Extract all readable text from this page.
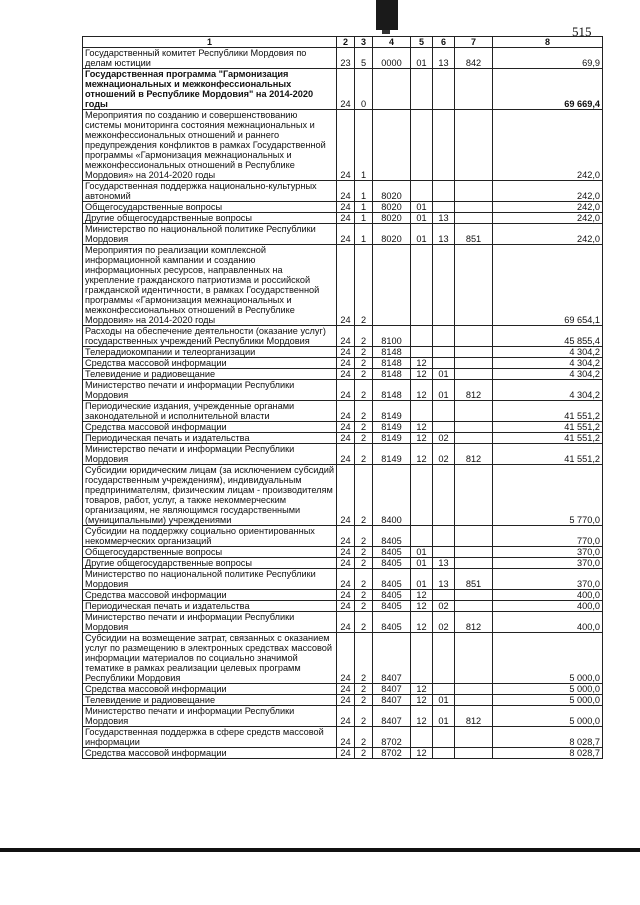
515
1	2	3	4	5	6	7	8
Государственный комитет Республики Мордовия по делам юстиции	23	5	0000	01	13	842	69,9
Государственная программа "Гармонизация межнациональных и межконфессиональных отношений в Республике Мордовия" на 2014-2020 годы	24	0					69 669,4
Мероприятия по созданию и совершенствованию системы мониторинга состояния межнациональных и межконфессиональных отношений и раннего предупреждения конфликтов в рамках Государственной программы «Гармонизация межнациональных и межконфессиональных отношений в Республике Мордовия» на 2014-2020 годы	24	1					242,0
Государственная поддержка национально-культурных автономий	24	1	8020				242,0
Общегосударственные вопросы	24	1	8020	01			242,0
Другие общегосударственные вопросы	24	1	8020	01	13		242,0
Министерство по национальной политике Республики Мордовия	24	1	8020	01	13	851	242,0
Мероприятия по реализации комплексной информационной кампании и созданию информационных ресурсов, направленных на укрепление гражданского патриотизма и российской гражданской идентичности, в рамках Государственной программы «Гармонизация межнациональных и межконфессиональных отношений в Республике Мордовия» на 2014-2020 годы	24	2					69 654,1
Расходы на обеспечение деятельности (оказание услуг) государственных учреждений Республики Мордовия	24	2	8100				45 855,4
Телерадиокомпании и телеорганизации	24	2	8148				4 304,2
Средства массовой информации	24	2	8148	12			4 304,2
Телевидение и радиовещание	24	2	8148	12	01		4 304,2
Министерство печати и информации Республики Мордовия	24	2	8148	12	01	812	4 304,2
Периодические издания, учрежденные органами законодательной и исполнительной власти	24	2	8149				41 551,2
Средства массовой информации	24	2	8149	12			41 551,2
Периодическая печать и издательства	24	2	8149	12	02		41 551,2
Министерство печати и информации Республики Мордовия	24	2	8149	12	02	812	41 551,2
Субсидии юридическим лицам (за исключением субсидий государственным учреждениям), индивидуальным предпринимателям, физическим лицам - производителям товаров, работ, услуг, а также некоммерческим организациям, не являющимся государственными (муниципальными) учреждениями	24	2	8400				5 770,0
Субсидии на поддержку социально ориентированных некоммерческих организаций	24	2	8405				770,0
Общегосударственные вопросы	24	2	8405	01			370,0
Другие общегосударственные вопросы	24	2	8405	01	13		370,0
Министерство по национальной политике Республики Мордовия	24	2	8405	01	13	851	370,0
Средства массовой информации	24	2	8405	12			400,0
Периодическая печать и издательства	24	2	8405	12	02		400,0
Министерство печати и информации Республики Мордовия	24	2	8405	12	02	812	400,0
Субсидии на возмещение затрат, связанных с оказанием услуг по размещению в электронных средствах массовой информации материалов по социально значимой тематике в рамках реализации целевых программ Республики Мордовия	24	2	8407				5 000,0
Средства массовой информации	24	2	8407	12			5 000,0
Телевидение и радиовещание	24	2	8407	12	01		5 000,0
Министерство печати и информации Республики Мордовия	24	2	8407	12	01	812	5 000,0
Государственная поддержка в сфере средств массовой информации	24	2	8702				8 028,7
Средства массовой информации	24	2	8702	12			8 028,7
